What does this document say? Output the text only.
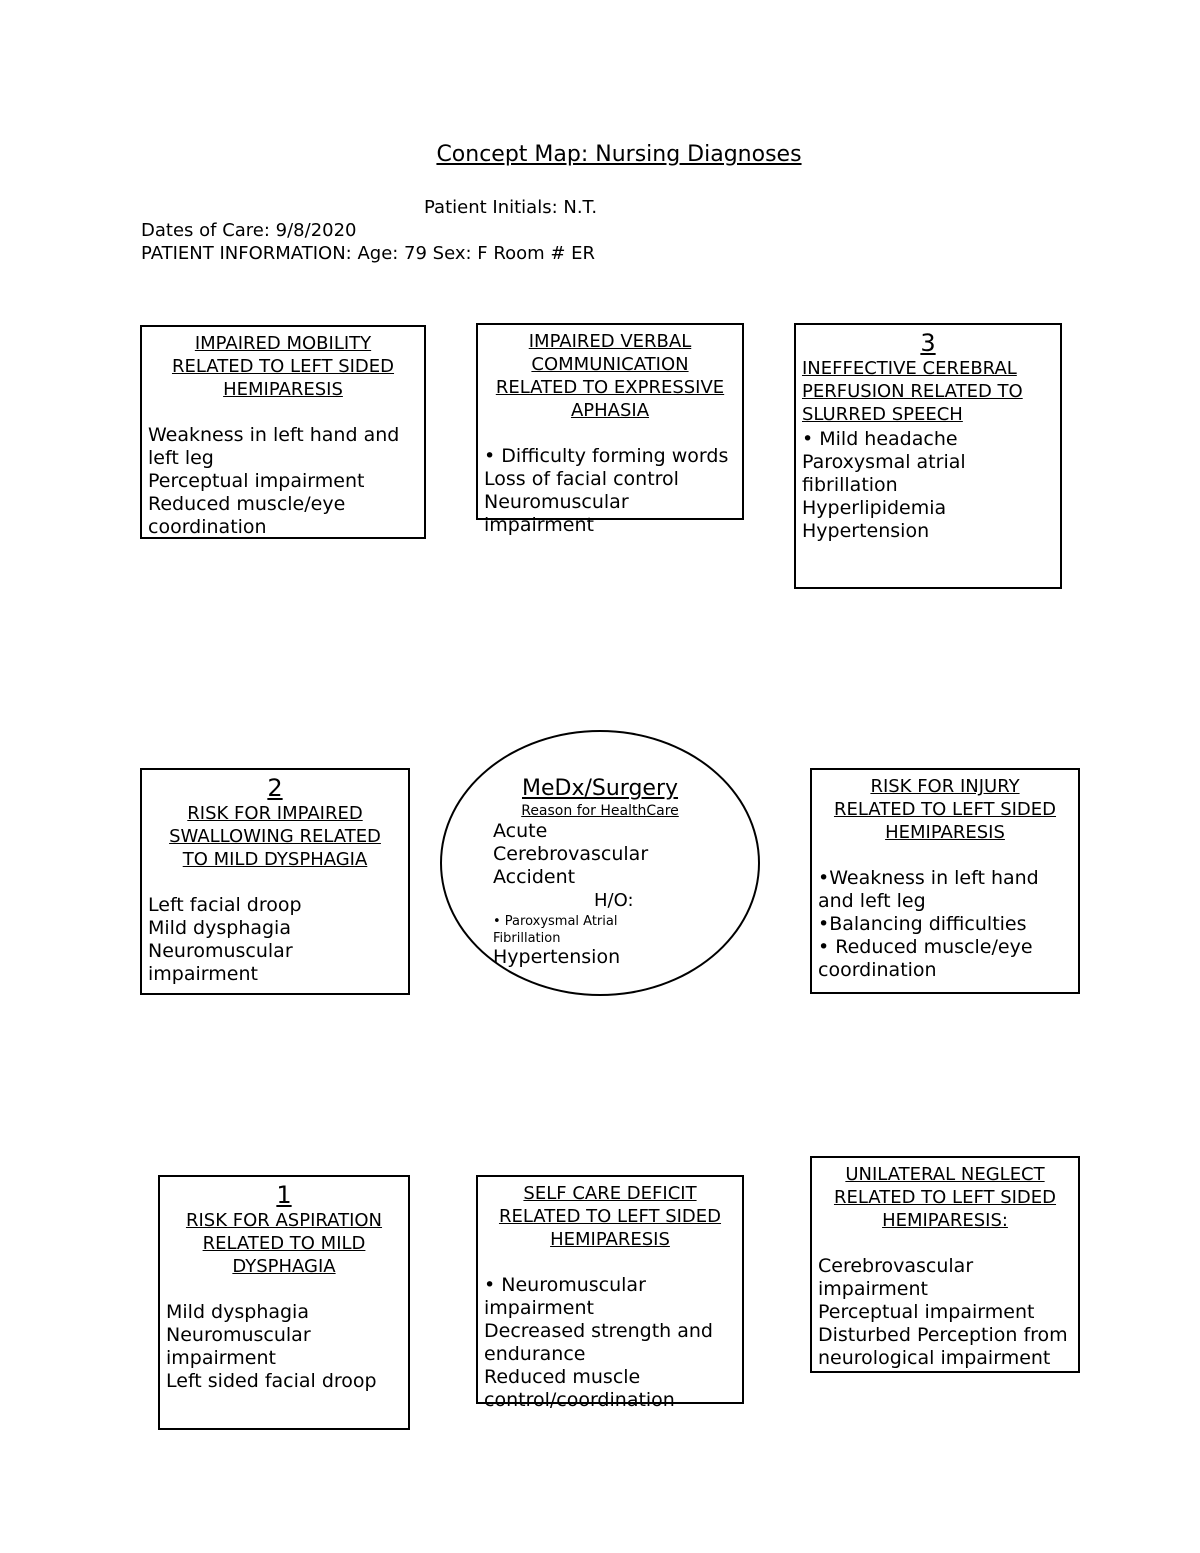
Concept Map: Nursing Diagnoses
Patient Initials: N.T.
Dates of Care: 9/8/2020
PATIENT INFORMATION: Age: 79 Sex: F Room # ER
IMPAIRED MOBILITY
RELATED TO LEFT SIDED
HEMIPARESIS
Weakness in left hand and left leg
Perceptual impairment
Reduced muscle/eye coordination
IMPAIRED VERBAL
COMMUNICATION
RELATED TO EXPRESSIVE
APHASIA
• Difficulty forming words
Loss of facial control
Neuromuscular impairment
3
INEFFECTIVE CEREBRAL
PERFUSION RELATED TO
SLURRED SPEECH
• Mild headache
Paroxysmal atrial fibrillation
Hyperlipidemia
Hypertension
2
RISK FOR IMPAIRED
SWALLOWING RELATED
TO MILD DYSPHAGIA
Left facial droop
Mild dysphagia
Neuromuscular impairment
MeDx/Surgery
Reason for HealthCare
Acute
Cerebrovascular
Accident
H/O:
• Paroxysmal Atrial
Fibrillation
Hypertension
RISK FOR INJURY
RELATED TO LEFT SIDED
HEMIPARESIS
•Weakness in left hand and left leg
•Balancing difficulties
• Reduced muscle/eye coordination
1
RISK FOR ASPIRATION
RELATED TO MILD
DYSPHAGIA
Mild dysphagia
Neuromuscular impairment
Left sided facial droop
SELF CARE DEFICIT
RELATED TO LEFT SIDED
HEMIPARESIS
• Neuromuscular impairment
Decreased strength and endurance
Reduced muscle control/coordination
UNILATERAL NEGLECT
RELATED TO LEFT SIDED
HEMIPARESIS:
Cerebrovascular impairment
Perceptual impairment
Disturbed Perception from neurological impairment
